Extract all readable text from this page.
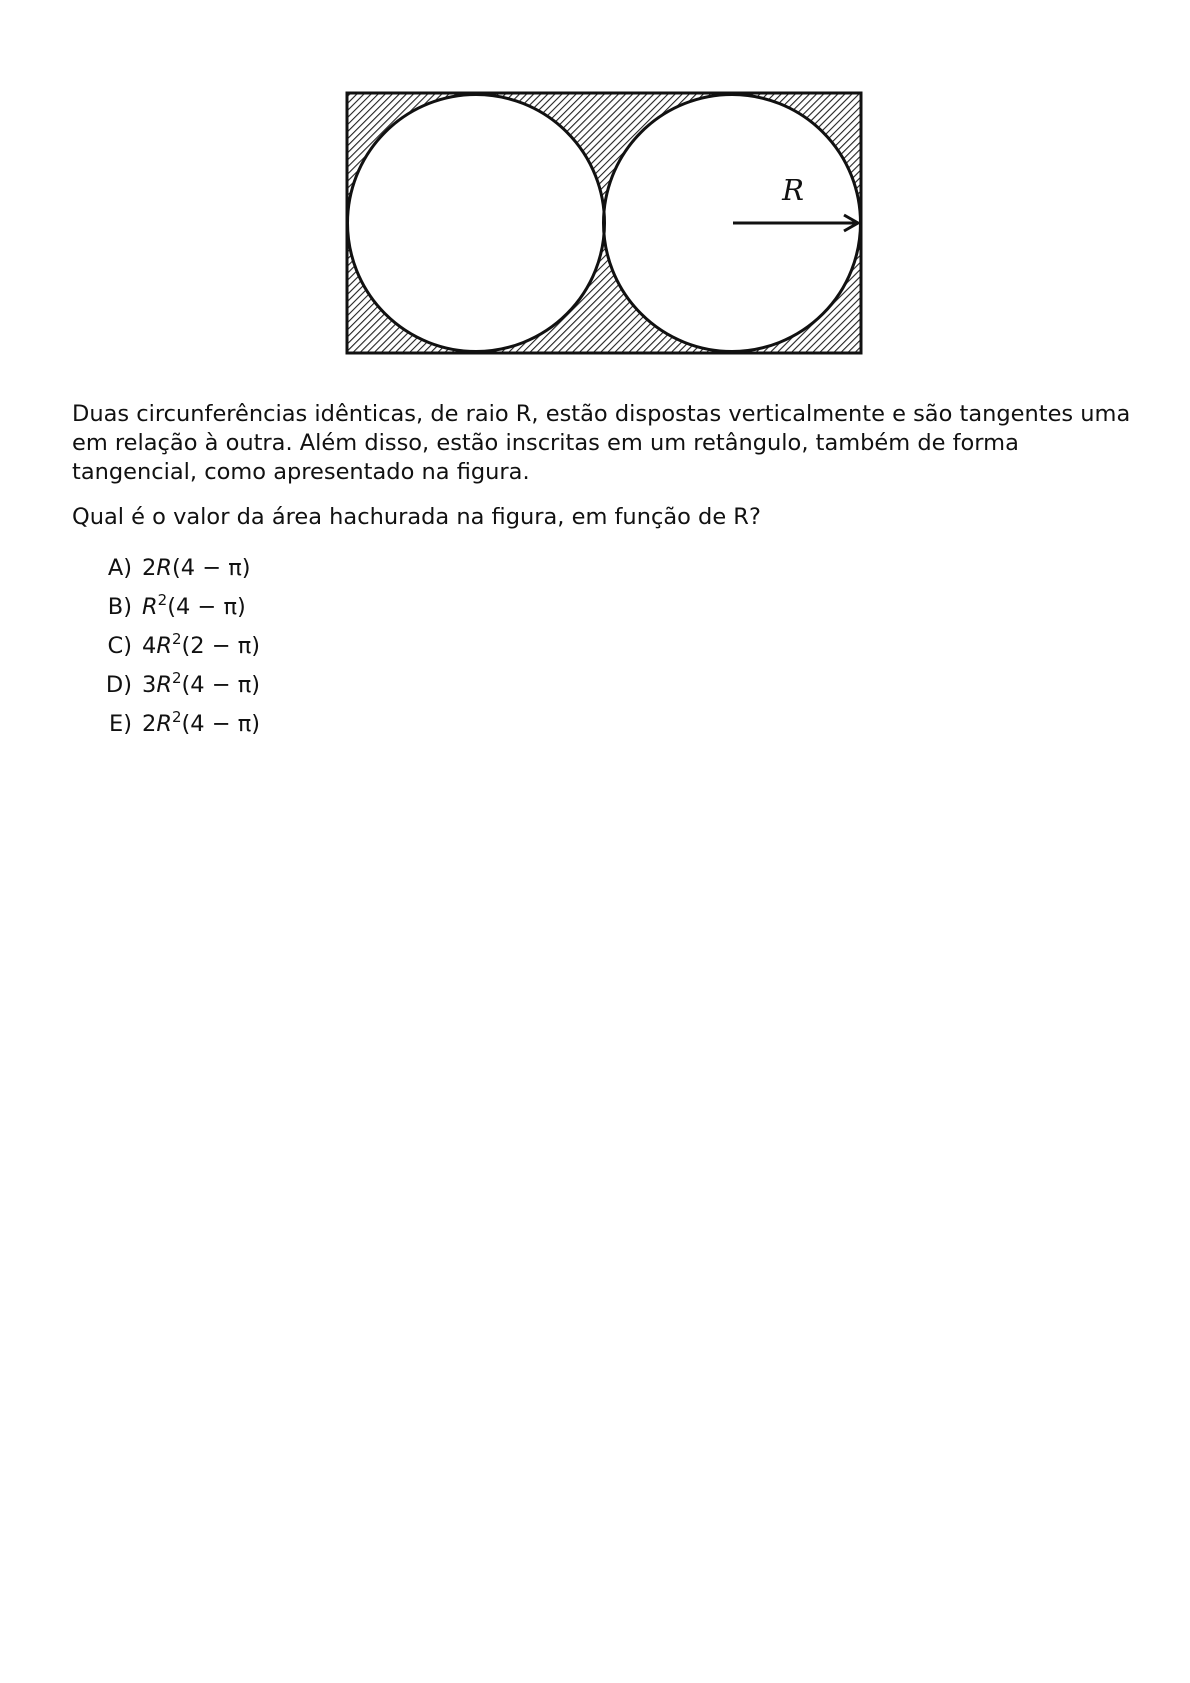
R

Duas circunferências idênticas, de raio R, estão dispostas verticalmente e são tangentes uma em relação à outra. Além disso, estão inscritas em um retângulo, também de forma tangencial, como apresentado na figura.

Qual é o valor da área hachurada na figura, em função de R?

A) 2R(4 − π)
B) $R^2(4 - \pi)$
C) $4R^2(2 - \pi)$
D) $3R^2(4 - \pi)$
E) $2R^2(4 - \pi)$
